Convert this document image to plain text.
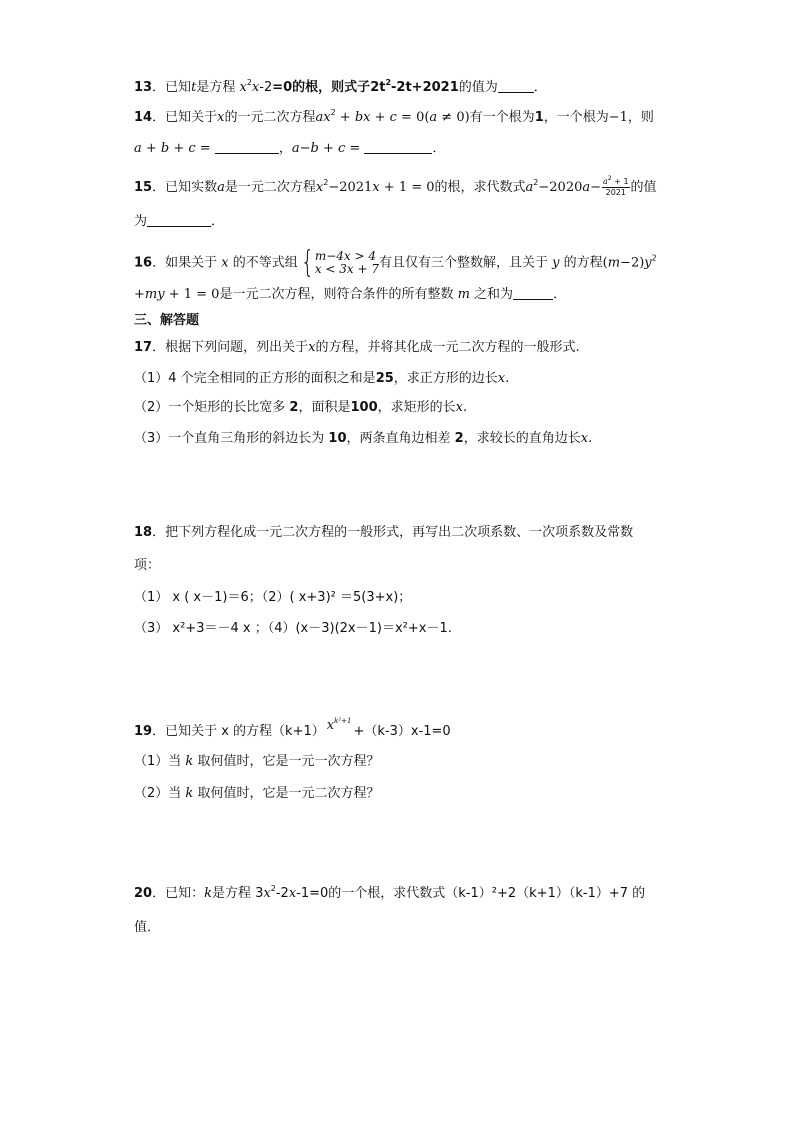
13．已知t是方程 $x^2x-2=0$的根，则式子$2t^2-2t+2021$的值为	．
14．已知关于x的一元二次方程$ax^2$ + bx + c = 0(a ≠ 0)有一个根为1，一个根为−1，则
a + b + c =	，a−b + c =	．
15．已知实数a是一元二次方程$x^2-2021x + 1 = 0$的根，求代数式$a^2-2020a- \frac{a^2 + 1}{2021}$ 的值
为	．
16．如果关于 x 的不等式组{ m−4x > 4
x < 3x + 7 有且仅有三个整数解，且关于 y 的方程$(m-2)y^2$
+my + 1 = 0是一元二次方程，则符合条件的所有整数 m 之和为	．
三、解答题
17．根据下列问题，列出关于x的方程，并将其化成一元二次方程的一般形式.
（1）4 个完全相同的正方形的面积之和是25，求正方形的边长x.
（2）一个矩形的长比宽多 2，面积是100，求矩形的长x.
（3）一个直角三角形的斜边长为 10，两条直角边相差 2，求较长的直角边长x.
18．把下列方程化成一元二次方程的一般形式，再写出二次项系数、一次项系数及常数
项：
（1） x ( x－1)＝6；（2）( x+3)² ＝5(3+x)；
（3） x²+3＝－4 x ；（4）(x－3)(2x－1)＝x²+x－1.
19．已知关于 x 的方程（k+1） $x^{k^2+1}+(k-3)x-1=0$
（1）当 k 取何值时，它是一元一次方程？
（2）当 k 取何值时，它是一元二次方程？
20．已知：k是方程 $3x^2-2x-1=0$的一个根，求代数式（k-1）²+2（k+1）（k-1）+7 的
值．
